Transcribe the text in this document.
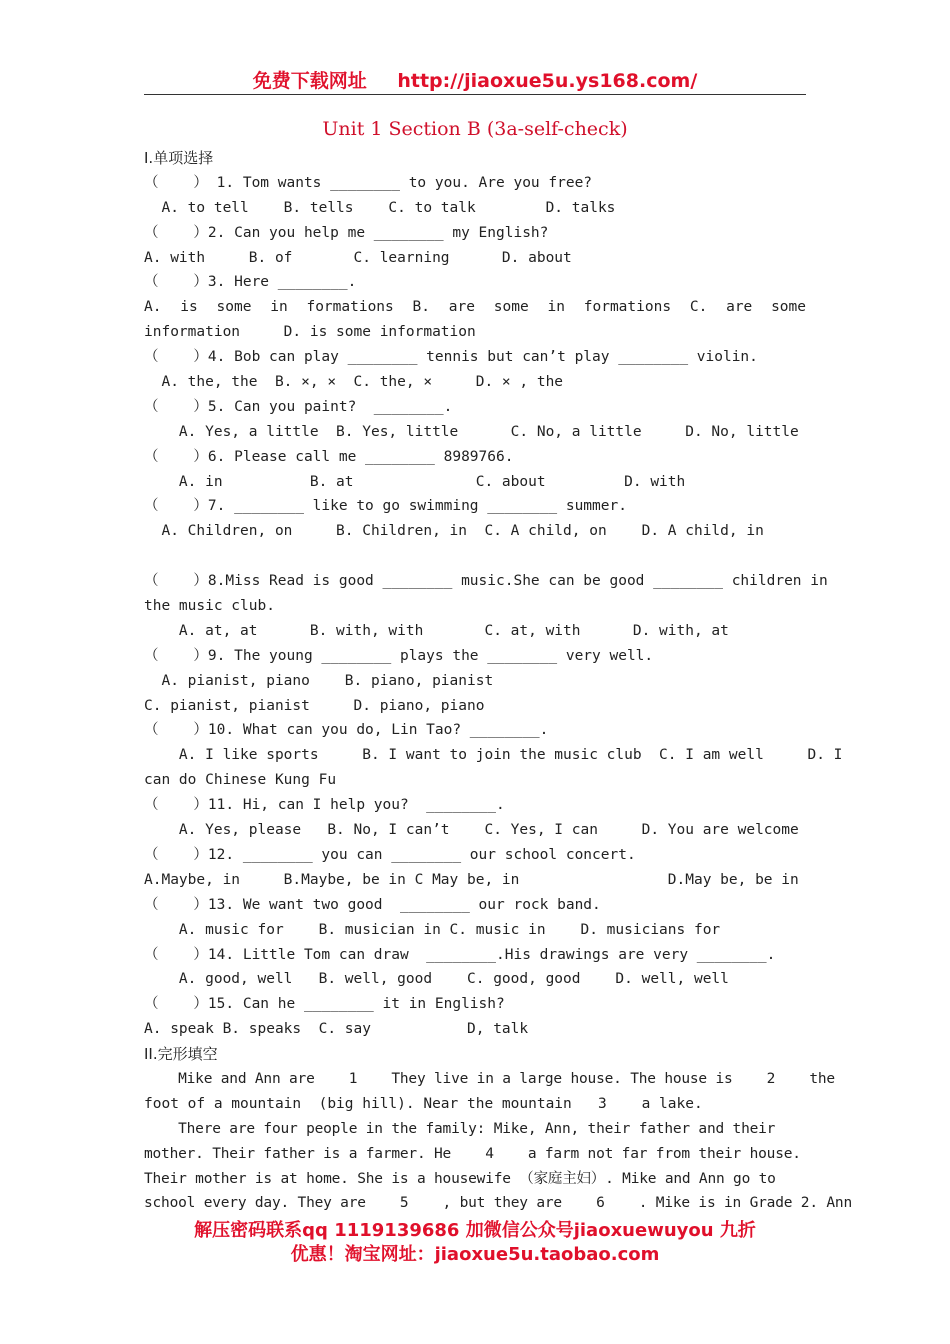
免费下载网址 http://jiaoxue5u.ys168.com/
Unit 1 Section B (3a-self-check)
I.单项选择
（    ） 1. Tom wants ________ to you. Are you free?
A. to tell    B. tells    C. to talk        D. talks
（    ）2. Can you help me ________ my English?
A. with     B. of       C. learning      D. about
（    ）3. Here ________.
A. is some in formations B. are some in formations C. are some
information     D. is some information
（    ）4. Bob can play ________ tennis but can’t play ________ violin.
A. the, the  B. ×, ×  C. the, ×     D. × , the
（    ）5. Can you paint?  ________.
A. Yes, a little  B. Yes, little      C. No, a little     D. No, little
（    ）6. Please call me ________ 8989766.
A. in          B. at              C. about         D. with
（    ）7. ________ like to go swimming ________ summer.
A. Children, on     B. Children, in  C. A child, on    D. A child, in
（    ）8.Miss Read is good ________ music.She can be good ________ children in
the music club.
A. at, at      B. with, with       C. at, with      D. with, at
（    ）9. The young ________ plays the ________ very well.
A. pianist, piano    B. piano, pianist
C. pianist, pianist     D. piano, piano
（    ）10. What can you do, Lin Tao? ________.
A. I like sports     B. I want to join the music club  C. I am well     D. I
can do Chinese Kung Fu
（    ）11. Hi, can I help you?  ________.
A. Yes, please   B. No, I can’t    C. Yes, I can     D. You are welcome
（    ）12. ________ you can ________ our school concert.
A.Maybe, in     B.Maybe, be in C May be, in                 D.May be, be in
（    ）13. We want two good  ________ our rock band.
A. music for    B. musician in C. music in    D. musicians for
（    ）14. Little Tom can draw  ________.His drawings are very ________.
A. good, well   B. well, good    C. good, good    D. well, well
（    ）15. Can he ________ it in English?
A. speak B. speaks  C. say           D, talk
II.完形填空
Mike and Ann are    1    They live in a large house. The house is    2    the
foot of a mountain  (big hill). Near the mountain   3    a lake.
There are four people in the family: Mike, Ann, their father and their
mother. Their father is a farmer. He    4    a farm not far from their house.
Their mother is at home. She is a housewife （家庭主妇）. Mike and Ann go to
school every day. They are    5    , but they are    6    . Mike is in Grade 2. Ann
解压密码联系qq 1119139686 加微信公众号jiaoxuewuyou 九折
优惠！淘宝网址：jiaoxue5u.taobao.com
